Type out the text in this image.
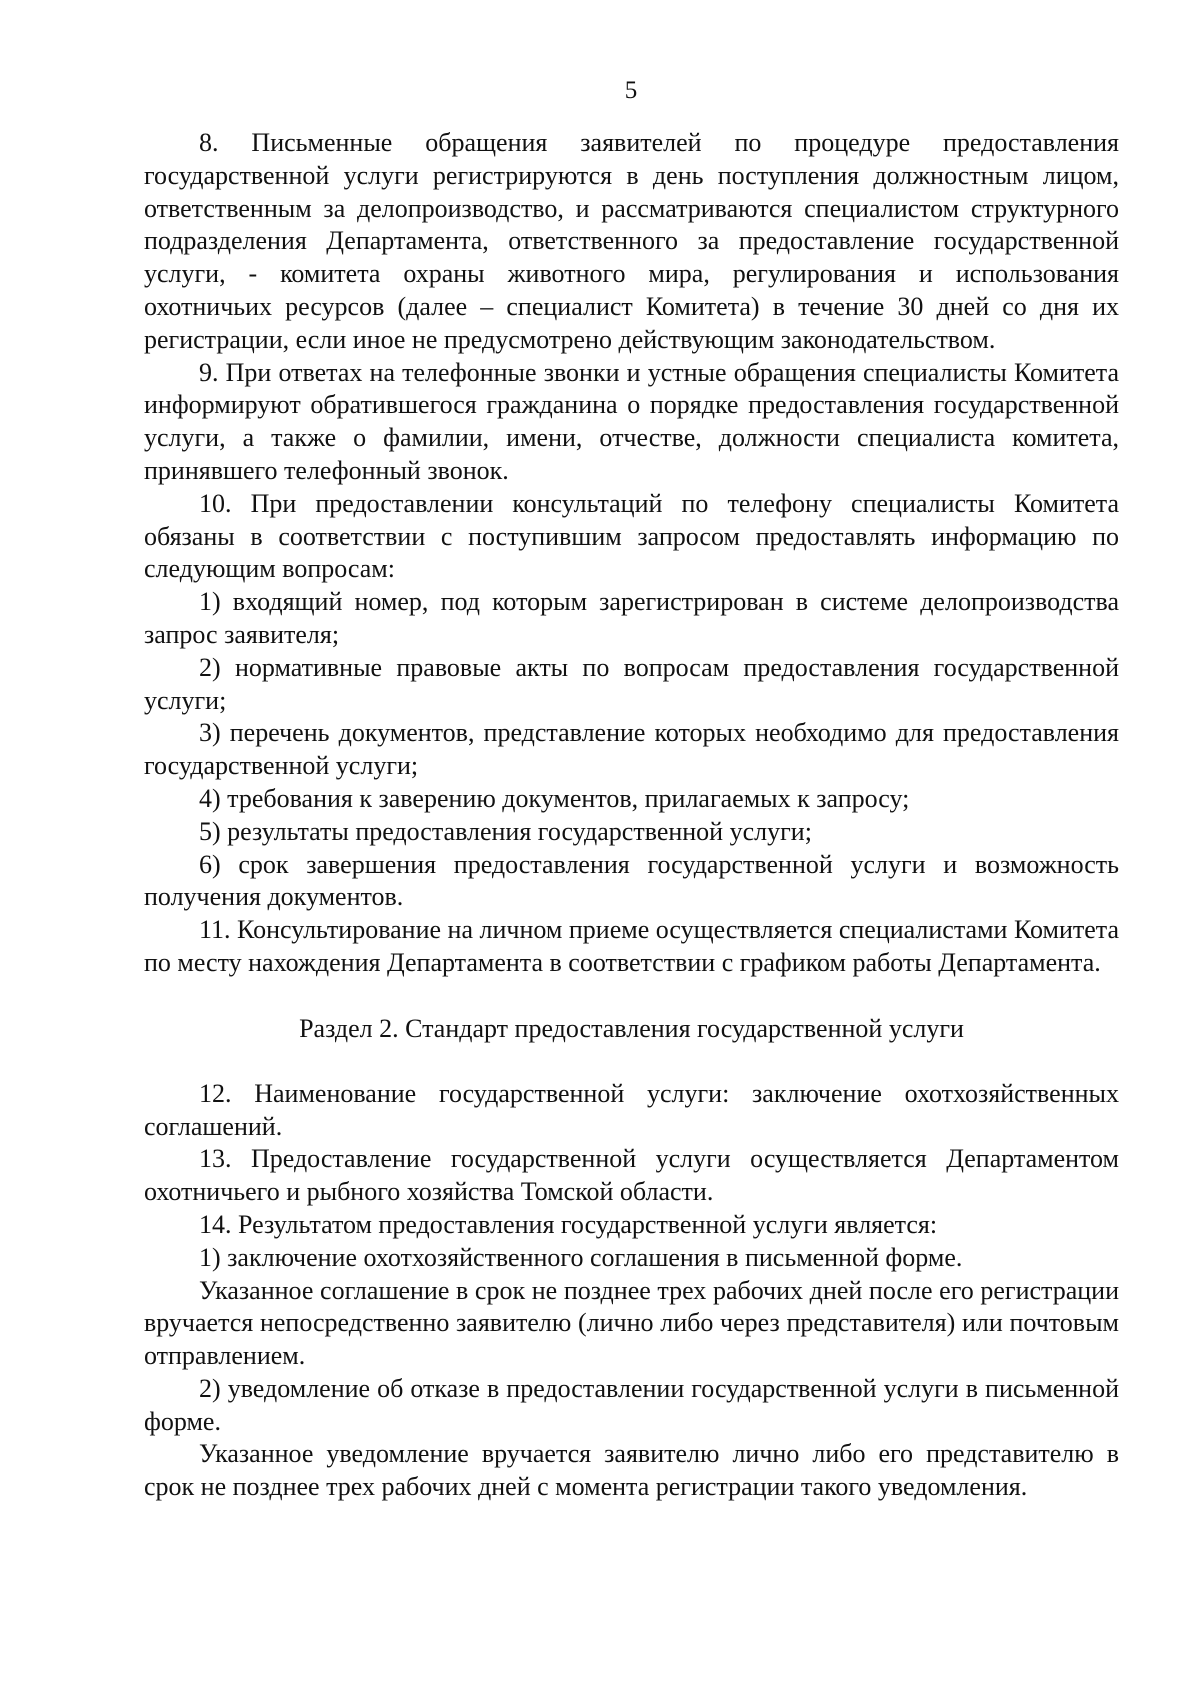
5

8. Письменные обращения заявителей по процедуре предоставления государственной услуги регистрируются в день поступления должностным лицом, ответственным за делопроизводство, и рассматриваются специалистом структурного подразделения Департамента, ответственного за предоставление государственной услуги, - комитета охраны животного мира, регулирования и использования охотничьих ресурсов (далее – специалист Комитета) в течение 30 дней со дня их регистрации, если иное не предусмотрено действующим законодательством.

9. При ответах на телефонные звонки и устные обращения специалисты Комитета информируют обратившегося гражданина о порядке предоставления государственной услуги, а также о фамилии, имени, отчестве, должности специалиста комитета, принявшего телефонный звонок.

10. При предоставлении консультаций по телефону специалисты Комитета обязаны в соответствии с поступившим запросом предоставлять информацию по следующим вопросам:

1) входящий номер, под которым зарегистрирован в системе делопроизводства запрос заявителя;

2) нормативные правовые акты по вопросам предоставления государственной услуги;

3) перечень документов, представление которых необходимо для предоставления государственной услуги;

4) требования к заверению документов, прилагаемых к запросу;

5) результаты предоставления государственной услуги;

6) срок завершения предоставления государственной услуги и возможность получения документов.

11. Консультирование на личном приеме осуществляется специалистами Комитета по месту нахождения Департамента в соответствии с графиком работы Департамента.

Раздел 2. Стандарт предоставления государственной услуги

12. Наименование государственной услуги: заключение охотхозяйственных соглашений.

13. Предоставление государственной услуги осуществляется Департаментом охотничьего и рыбного хозяйства Томской области.

14. Результатом предоставления государственной услуги является:

1) заключение охотхозяйственного соглашения в письменной форме.

Указанное соглашение в срок не позднее трех рабочих дней после его регистрации вручается непосредственно заявителю (лично либо через представителя) или почтовым отправлением.

2) уведомление об отказе в предоставлении государственной услуги в письменной форме.

Указанное уведомление вручается заявителю лично либо его представителю в срок не позднее трех рабочих дней с момента регистрации такого уведомления.
